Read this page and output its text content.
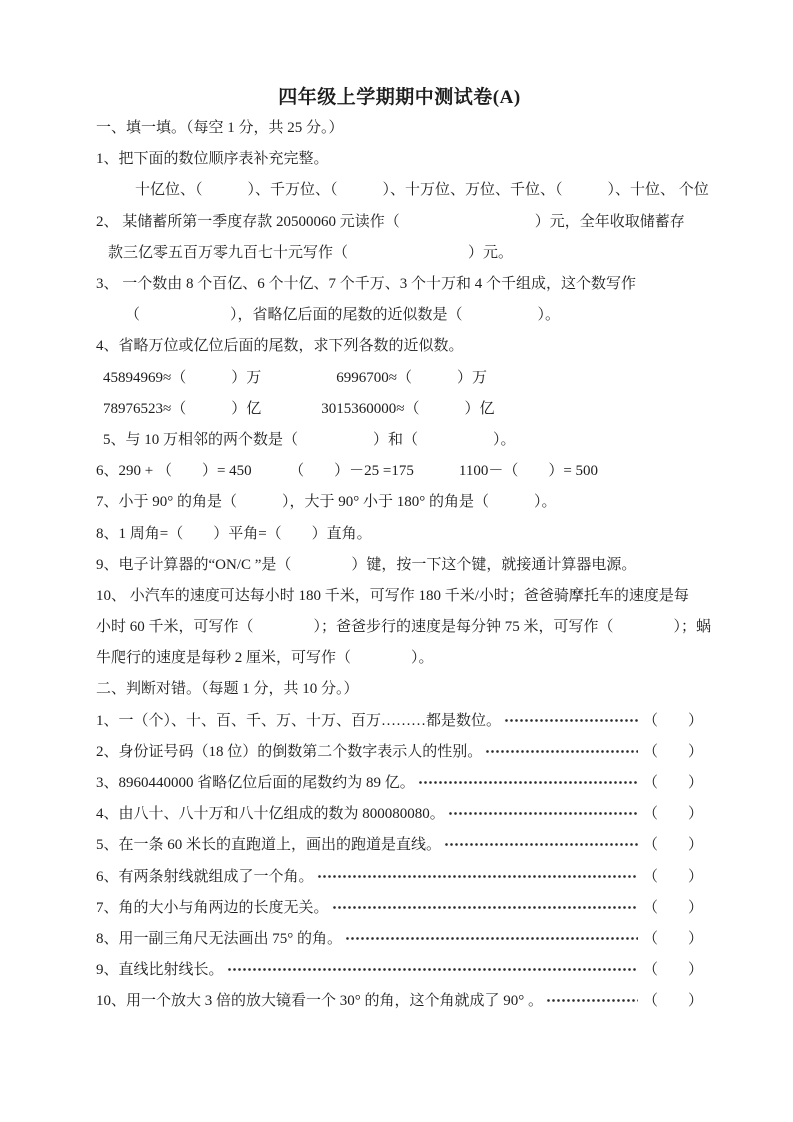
四年级上学期期中测试卷(A)
一、填一填。（每空 1 分，共 25 分。）
1、把下面的数位顺序表补充完整。
十亿位、（　　　）、千万位、（　　　）、十万位、万位、千位、（　　　）、十位、 个位
2、 某储蓄所第一季度存款 20500060 元读作（　　　　　　　　　）元，全年收取储蓄存
款三亿零五百万零九百七十元写作（　　　　　　　　）元。
3、 一个数由 8 个百亿、6 个十亿、7 个千万、3 个十万和 4 个千组成，这个数写作
（　　　　　　），省略亿后面的尾数的近似数是（　　　　　）。
4、省略万位或亿位后面的尾数，求下列各数的近似数。
45894969≈（　　　）万　　　　　6996700≈（　　　）万
78976523≈（　　　）亿　　　　3015360000≈（　　　）亿
5、与 10 万相邻的两个数是（　　　　　）和（　　　　　）。
6、290 + （　　）= 450　　　（　　）－25 =175　　　1100－（　　）= 500
7、小于 90° 的角是（　　　），大于 90° 小于 180° 的角是（　　　）。
8、1 周角=（　　）平角=（　　）直角。
9、电子计算器的“ON/C ”是（　　　　）键，按一下这个键，就接通计算器电源。
10、 小汽车的速度可达每小时 180 千米，可写作 180 千米/小时；爸爸骑摩托车的速度是每
小时 60 千米，可写作（　　　　）；爸爸步行的速度是每分钟 75 米，可写作（　　　　）；蜗
牛爬行的速度是每秒 2 厘米，可写作（　　　　）。
二、判断对错。（每题 1 分，共 10 分。）
1、一（个）、十、百、千、万、十万、百万………都是数位。	（　　）
2、身份证号码（18 位）的倒数第二个数字表示人的性别。	（　　）
3、8960440000 省略亿位后面的尾数约为 89 亿。	（　　）
4、由八十、八十万和八十亿组成的数为 800080080。	（　　）
5、在一条 60 米长的直跑道上，画出的跑道是直线。	（　　）
6、有两条射线就组成了一个角。	（　　）
7、角的大小与角两边的长度无关。	（　　）
8、用一副三角尺无法画出 75° 的角。	（　　）
9、直线比射线长。	（　　）
10、用一个放大 3 倍的放大镜看一个 30° 的角，这个角就成了 90° 。	（　　）
